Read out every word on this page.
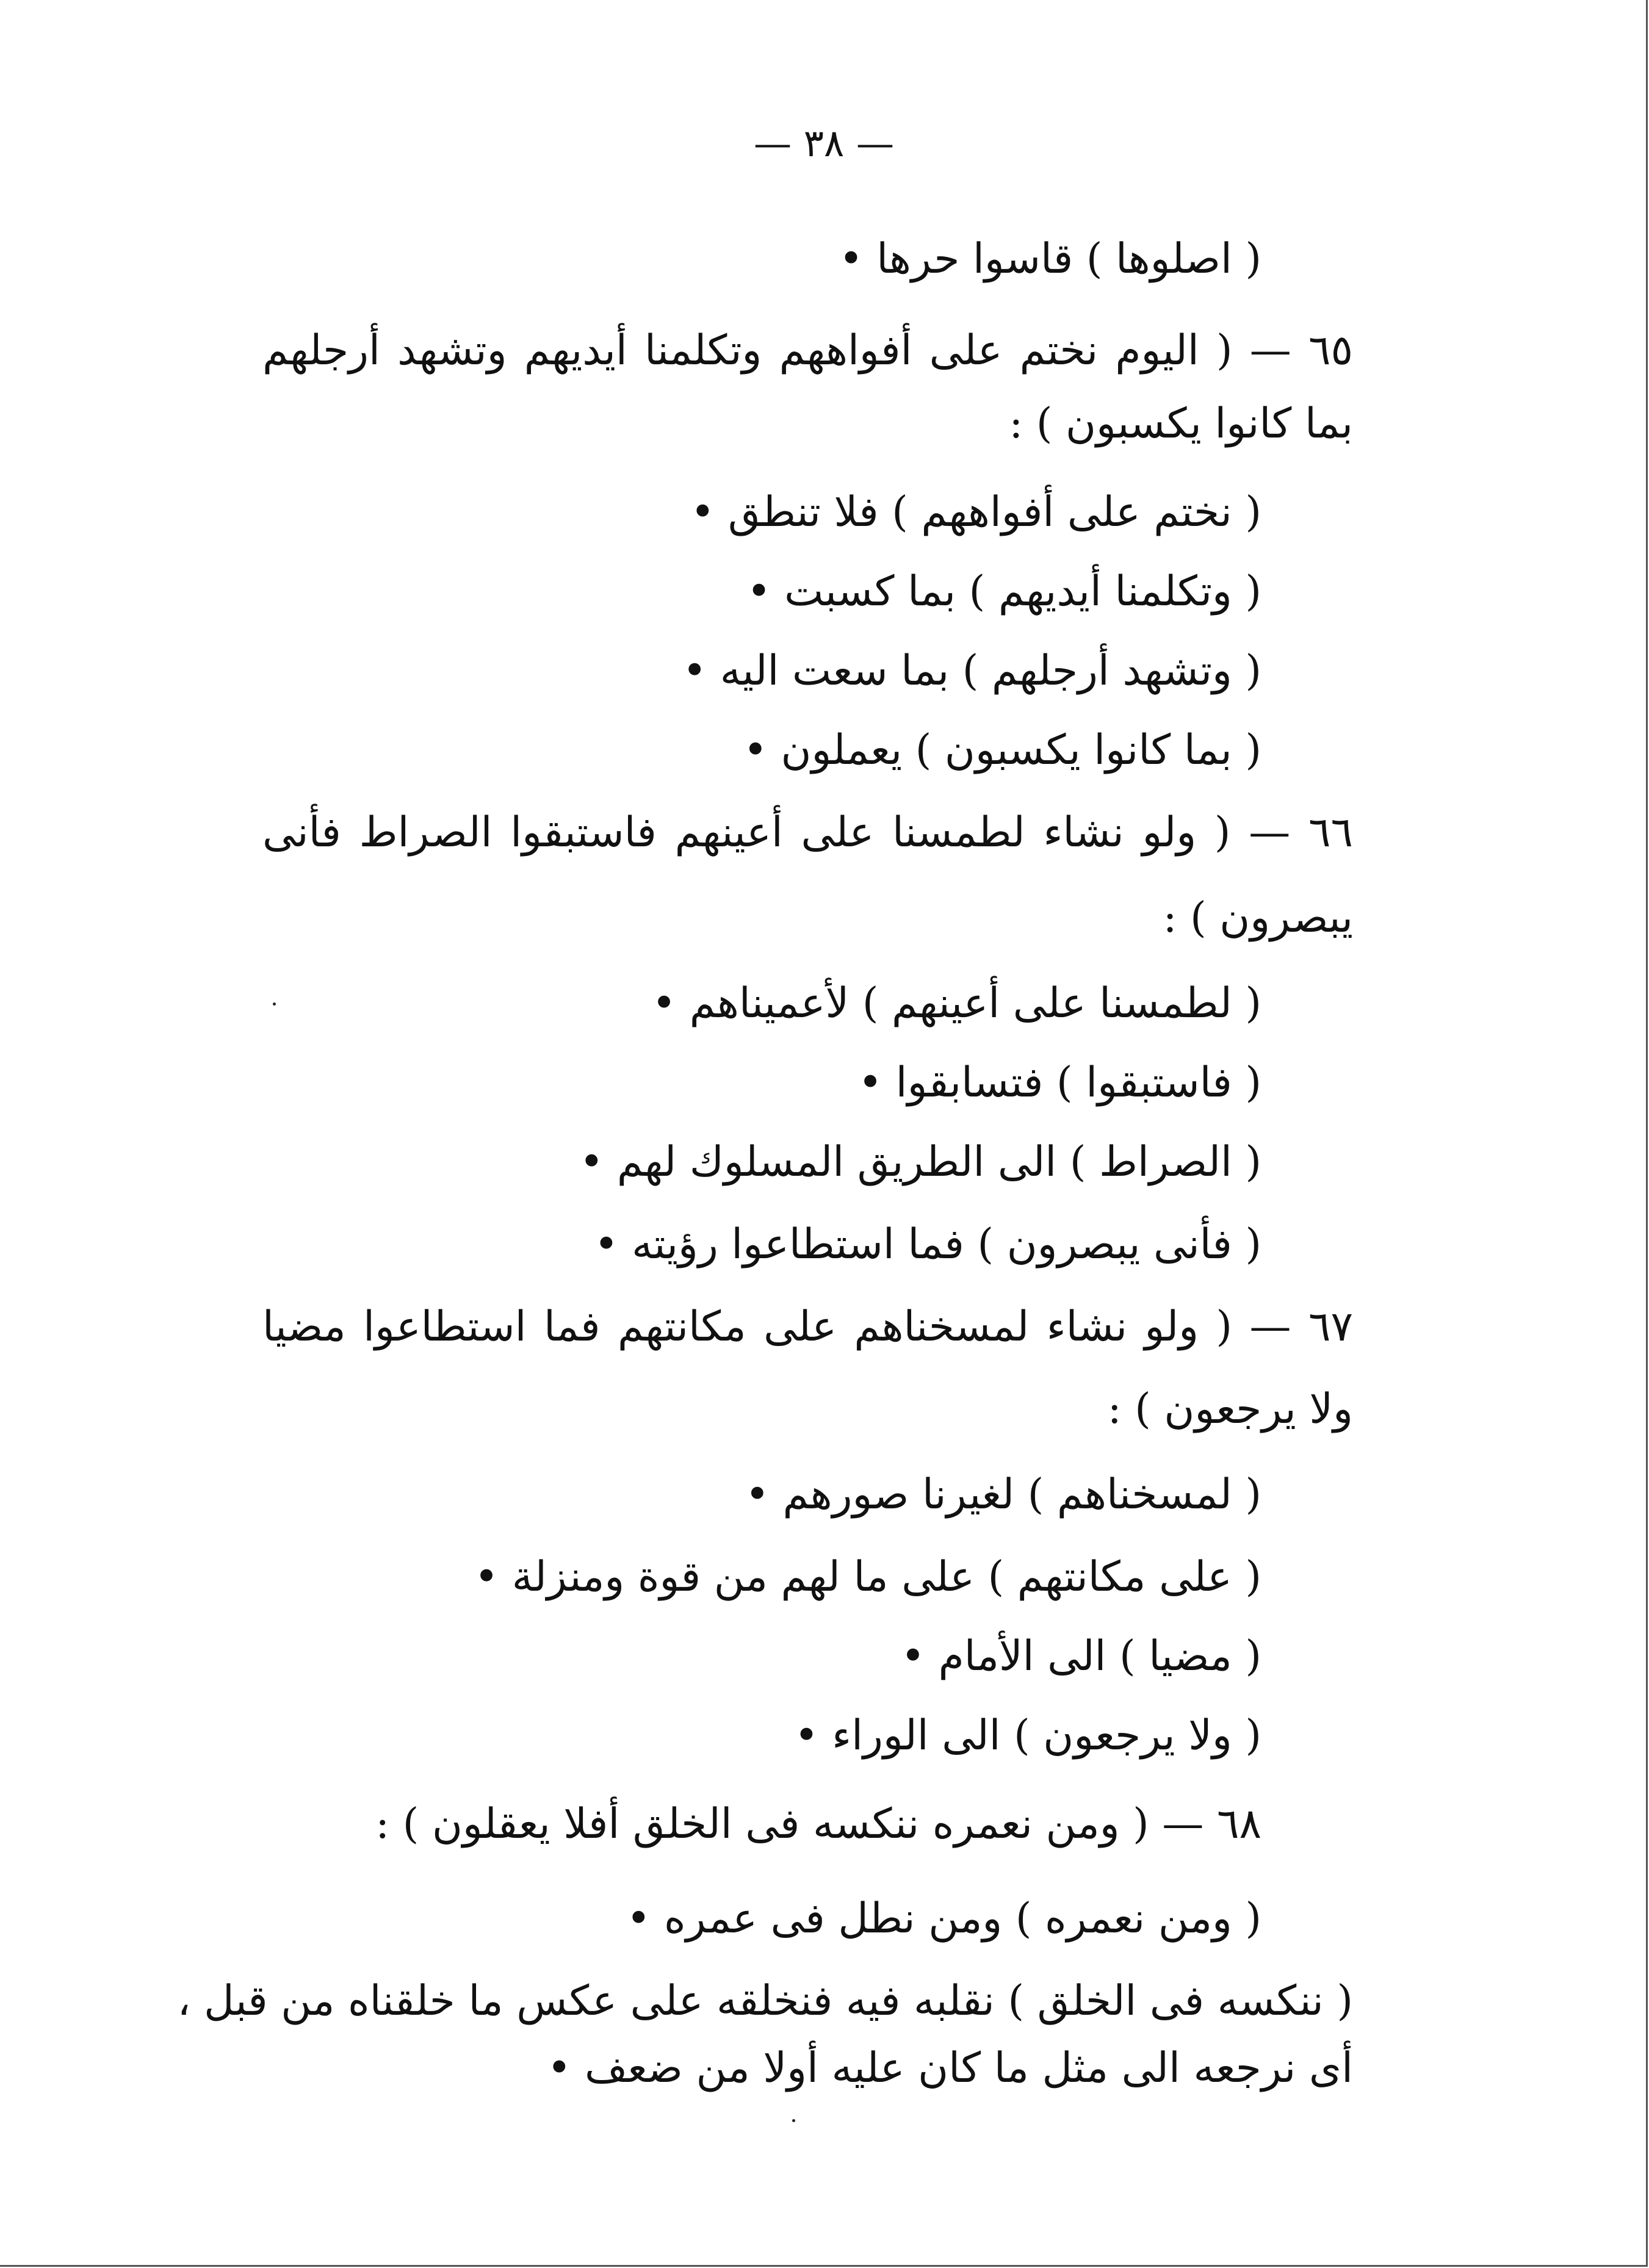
— ٣٨ —
( اصلوها ) قاسوا حرها •
٦٥ — ( اليوم نختم على أفواههم وتكلمنا أيديهم وتشهد أرجلهم
بما كانوا يكسبون ) :
( نختم على أفواههم ) فلا تنطق •
( وتكلمنا أيديهم ) بما كسبت •
( وتشهد أرجلهم ) بما سعت اليه •
( بما كانوا يكسبون ) يعملون •
٦٦ — ( ولو نشاء لطمسنا على أعينهم فاستبقوا الصراط فأنى
يبصرون ) :
( لطمسنا على أعينهم ) لأعميناهم •
( فاستبقوا ) فتسابقوا •
( الصراط ) الى الطريق المسلوك لهم •
( فأنى يبصرون ) فما استطاعوا رؤيته •
٦٧ — ( ولو نشاء لمسخناهم على مكانتهم فما استطاعوا مضيا
ولا يرجعون ) :
( لمسخناهم ) لغيرنا صورهم •
( على مكانتهم ) على ما لهم من قوة ومنزلة •
( مضيا ) الى الأمام •
( ولا يرجعون ) الى الوراء •
٦٨ — ( ومن نعمره ننكسه فى الخلق أفلا يعقلون ) :
( ومن نعمره ) ومن نطل فى عمره •
( ننكسه فى الخلق ) نقلبه فيه فنخلقه على عكس ما خلقناه من قبل ،
أى نرجعه الى مثل ما كان عليه أولا من ضعف •
